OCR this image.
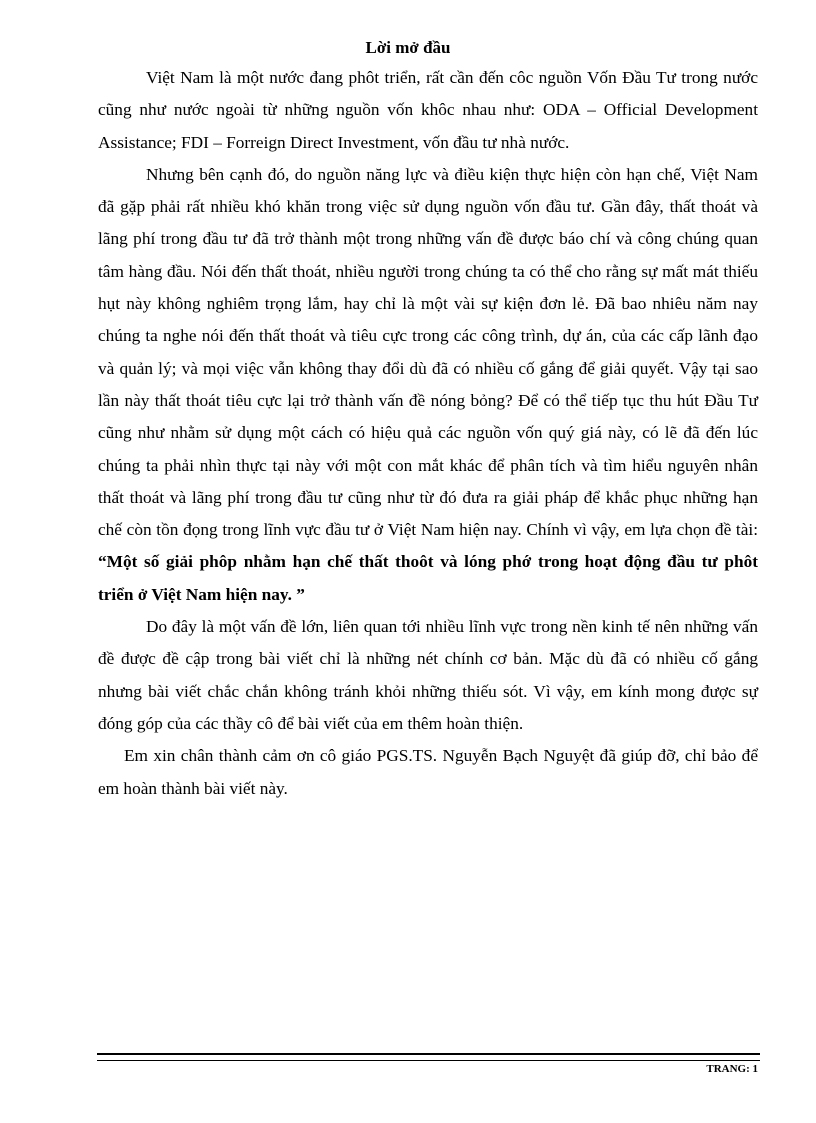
Lời mở đầu

Việt Nam là một nước đang phôt triển, rất cần đến côc nguồn Vốn Đầu Tư trong nước cũng như nước ngoài từ những nguồn vốn khôc nhau như: ODA – Official Development Assistance; FDI – Forreign Direct Investment, vốn đầu tư nhà nước.

Nhưng bên cạnh đó, do nguồn năng lực và điều kiện thực hiện còn hạn chế, Việt Nam đã gặp phải rất nhiều khó khăn trong việc sử dụng nguồn vốn đầu tư. Gần đây, thất thoát và lãng phí trong đầu tư đã trở thành một trong những vấn đề được báo chí và công chúng quan tâm hàng đầu. Nói đến thất thoát, nhiều người trong chúng ta có thể cho rằng sự mất mát thiếu hụt này không nghiêm trọng lắm, hay chỉ là một vài sự kiện đơn lẻ. Đã bao nhiêu năm nay chúng ta nghe nói đến thất thoát và tiêu cực trong các công trình, dự án, của các cấp lãnh đạo và quản lý; và mọi việc vẫn không thay đổi dù đã có nhiều cố gắng để giải quyết. Vậy tại sao lần này thất thoát tiêu cực lại trở thành vấn đề nóng bỏng? Để có thể tiếp tục thu hút Đầu Tư cũng như nhằm sử dụng một cách có hiệu quả các nguồn vốn quý giá này, có lẽ đã đến lúc chúng ta phải nhìn thực tại này với một con mắt khác để phân tích và tìm hiểu nguyên nhân thất thoát và lãng phí trong đầu tư cũng như từ đó đưa ra giải pháp để khắc phục những hạn chế còn tồn đọng trong lĩnh vực đầu tư ở Việt Nam hiện nay. Chính vì vậy, em lựa chọn đề tài: “Một số giải phôp nhằm hạn chế thất thoôt và lóng phớ trong hoạt động đầu tư phôt triển ở Việt Nam hiện nay. ”

Do đây là một vấn đề lớn, liên quan tới nhiều lĩnh vực trong nền kinh tế nên những vấn đề được đề cập trong bài viết chỉ là những nét chính cơ bản. Mặc dù đã có nhiều cố gắng nhưng bài viết chắc chắn không tránh khỏi những thiếu sót. Vì vậy, em kính mong được sự đóng góp của các thầy cô để bài viết của em thêm hoàn thiện.

Em xin chân thành cảm ơn cô giáo PGS.TS. Nguyễn Bạch Nguyệt đã giúp đỡ, chỉ bảo để em hoàn thành bài viết này.

TRANG: 1
